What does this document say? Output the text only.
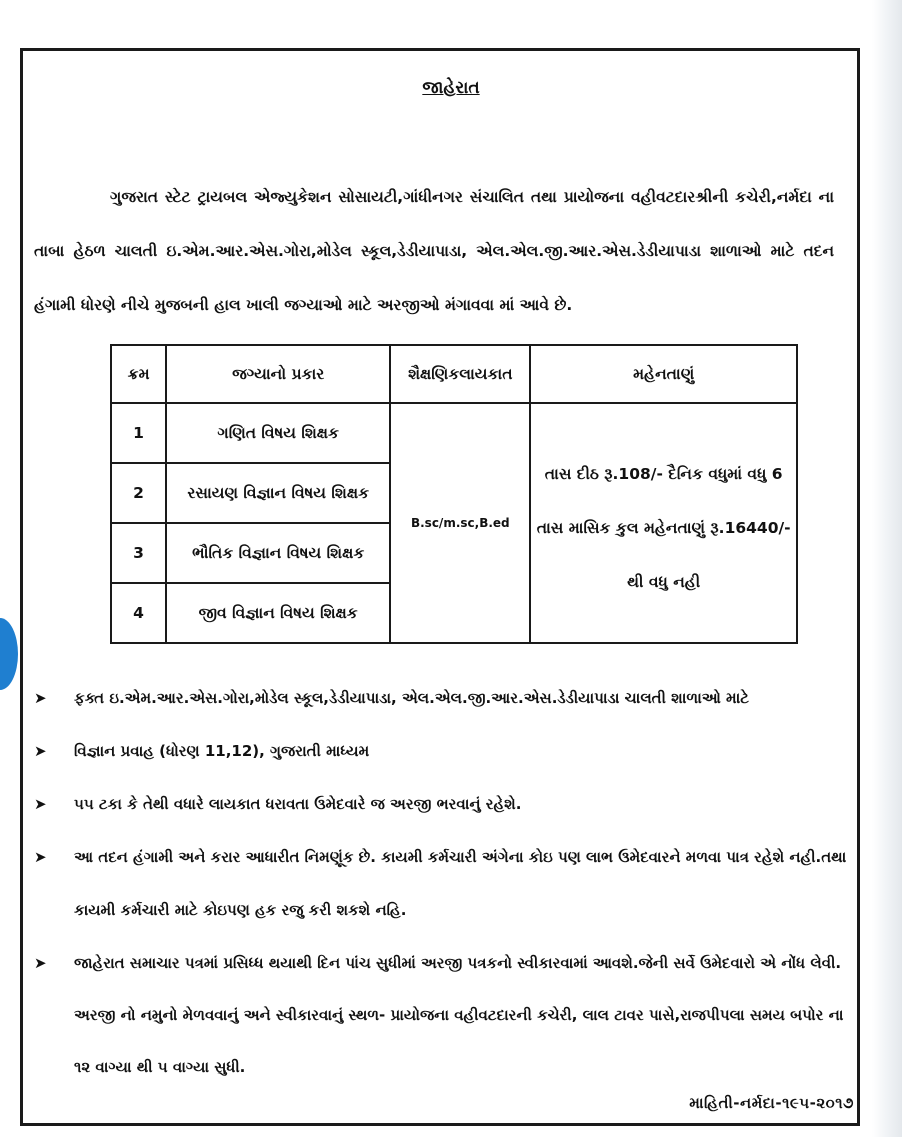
જાહેરાત
ગુજરાત સ્ટેટ ટ્રાયબલ એજ્યુકેશન સોસાયટી,ગાંધીનગર સંચાલિત તથા પ્રાયોજના વહીવટદારશ્રીની કચેરી,નર્મદા ના તાબા હેઠળ ચાલતી ઇ.એમ.આર.એસ.ગોરા,મોડેલ સ્કૂલ,ડેડીયાપાડા, એલ.એલ.જી.આર.એસ.ડેડીયાપાડા શાળાઓ માટે તદન હંગામી ધોરણે નીચે મુજબની હાલ ખાલી જગ્યાઓ માટે અરજીઓ મંગાવવા માં આવે છે.
ક્રમ	જગ્યાનો પ્રકાર	શૈક્ષણિકલાયકાત	મહેનતાણું
1	ગણિત વિષય શિક્ષક	B.sc/m.sc,B.ed	તાસ દીઠ રૂ.108/- દૈનિક વધુમાં વધુ 6 તાસ માસિક કુલ મહેનતાણું રૂ.16440/- થી વધુ નહી
2	રસાયણ વિજ્ઞાન વિષય શિક્ષક		
3	ભૌતિક વિજ્ઞાન વિષય શિક્ષક		
4	જીવ વિજ્ઞાન વિષય શિક્ષક		
➤ ફક્ત ઇ.એમ.આર.એસ.ગોરા,મોડેલ સ્કૂલ,ડેડીયાપાડા, એલ.એલ.જી.આર.એસ.ડેડીયાપાડા ચાલતી શાળાઓ માટે
➤ વિજ્ઞાન પ્રવાહ (ધોરણ 11,12), ગુજરાતી માધ્યમ
➤ ૫૫ ટકા કે તેથી વધારે લાયકાત ધરાવતા ઉમેદવારે જ અરજી ભરવાનું રહેશે.
➤ આ તદન હંગામી અને કરાર આધારીત નિમણૂંક છે. કાયમી કર્મચારી અંગેના કોઇ પણ લાભ ઉમેદવારને મળવા પાત્ર રહેશે નહી.તથા કાયમી કર્મચારી માટે કોઇપણ હક રજુ કરી શકશે નહિ.
➤ જાહેરાત સમાચાર પત્રમાં પ્રસિધ્ધ થયાથી દિન પાંચ સુધીમાં અરજી પત્રકનો સ્વીકારવામાં આવશે.જેની સર્વે ઉમેદવારો એ નોંધ લેવી. અરજી નો નમુનો મેળવવાનું અને સ્વીકારવાનું સ્થળ- પ્રાયોજના વહીવટદારની કચેરી, લાલ ટાવર પાસે,રાજપીપલા સમય બપોર ના ૧૨ વાગ્યા થી ૫ વાગ્યા સુધી.
માહિતી-નર્મદા-૧૯૫-૨૦૧૭
